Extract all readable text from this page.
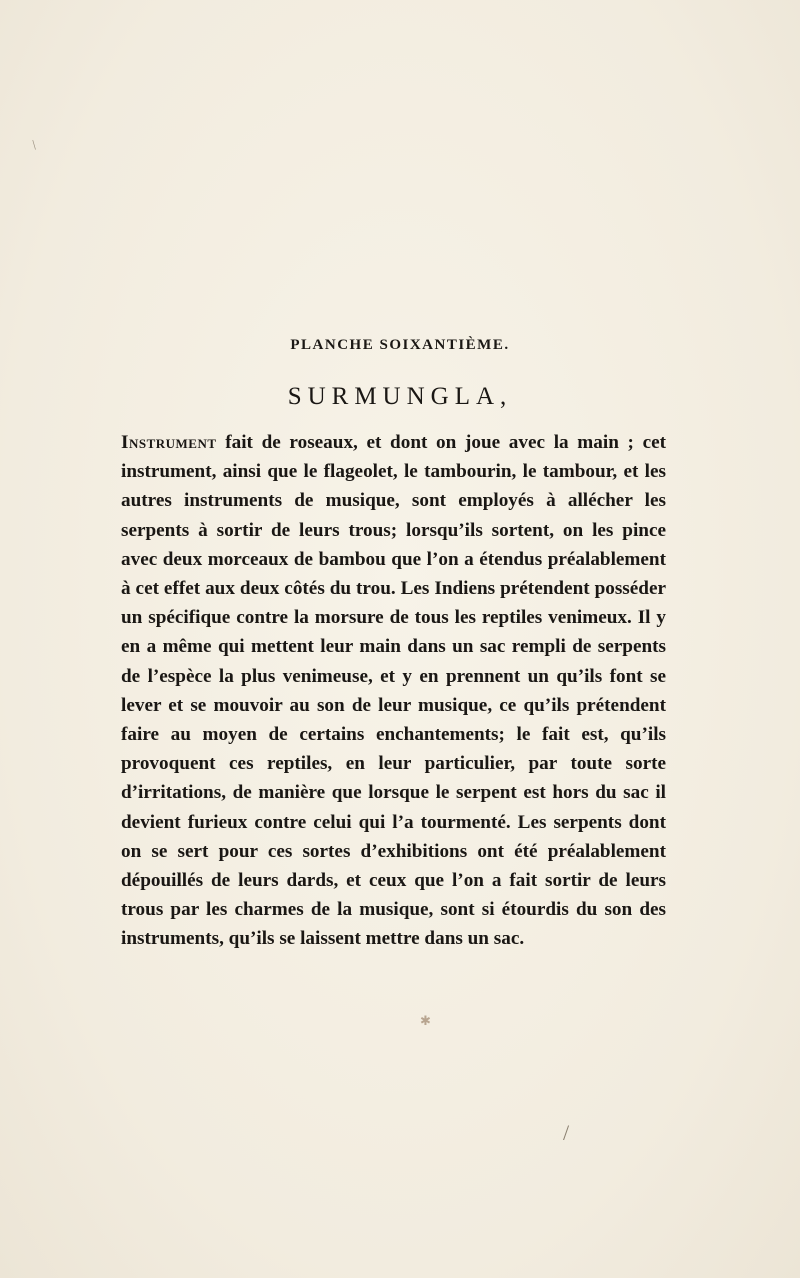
/
PLANCHE SOIXANTIÈME.
SURMUNGLA,
Instrument fait de roseaux, et dont on joue avec la main ; cet instrument, ainsi que le flageolet, le tambourin, le tambour, et les autres instruments de musique, sont employés à allécher les serpents à sortir de leurs trous; lorsqu’ils sortent, on les pince avec deux morceaux de bambou que l’on a étendus préalablement à cet effet aux deux côtés du trou. Les Indiens prétendent posséder un spécifique contre la morsure de tous les reptiles venimeux. Il y en a même qui mettent leur main dans un sac rempli de serpents de l’espèce la plus venimeuse, et y en prennent un qu’ils font se lever et se mouvoir au son de leur musique, ce qu’ils prétendent faire au moyen de certains enchantements; le fait est, qu’ils provoquent ces reptiles, en leur particulier, par toute sorte d’irritations, de manière que lorsque le serpent est hors du sac il devient furieux contre celui qui l’a tourmenté. Les serpents dont on se sert pour ces sortes d’exhibitions ont été préalablement dépouillés de leurs dards, et ceux que l’on a fait sortir de leurs trous par les charmes de la musique, sont si étourdis du son des instruments, qu’ils se laissent mettre dans un sac.
✱
/
